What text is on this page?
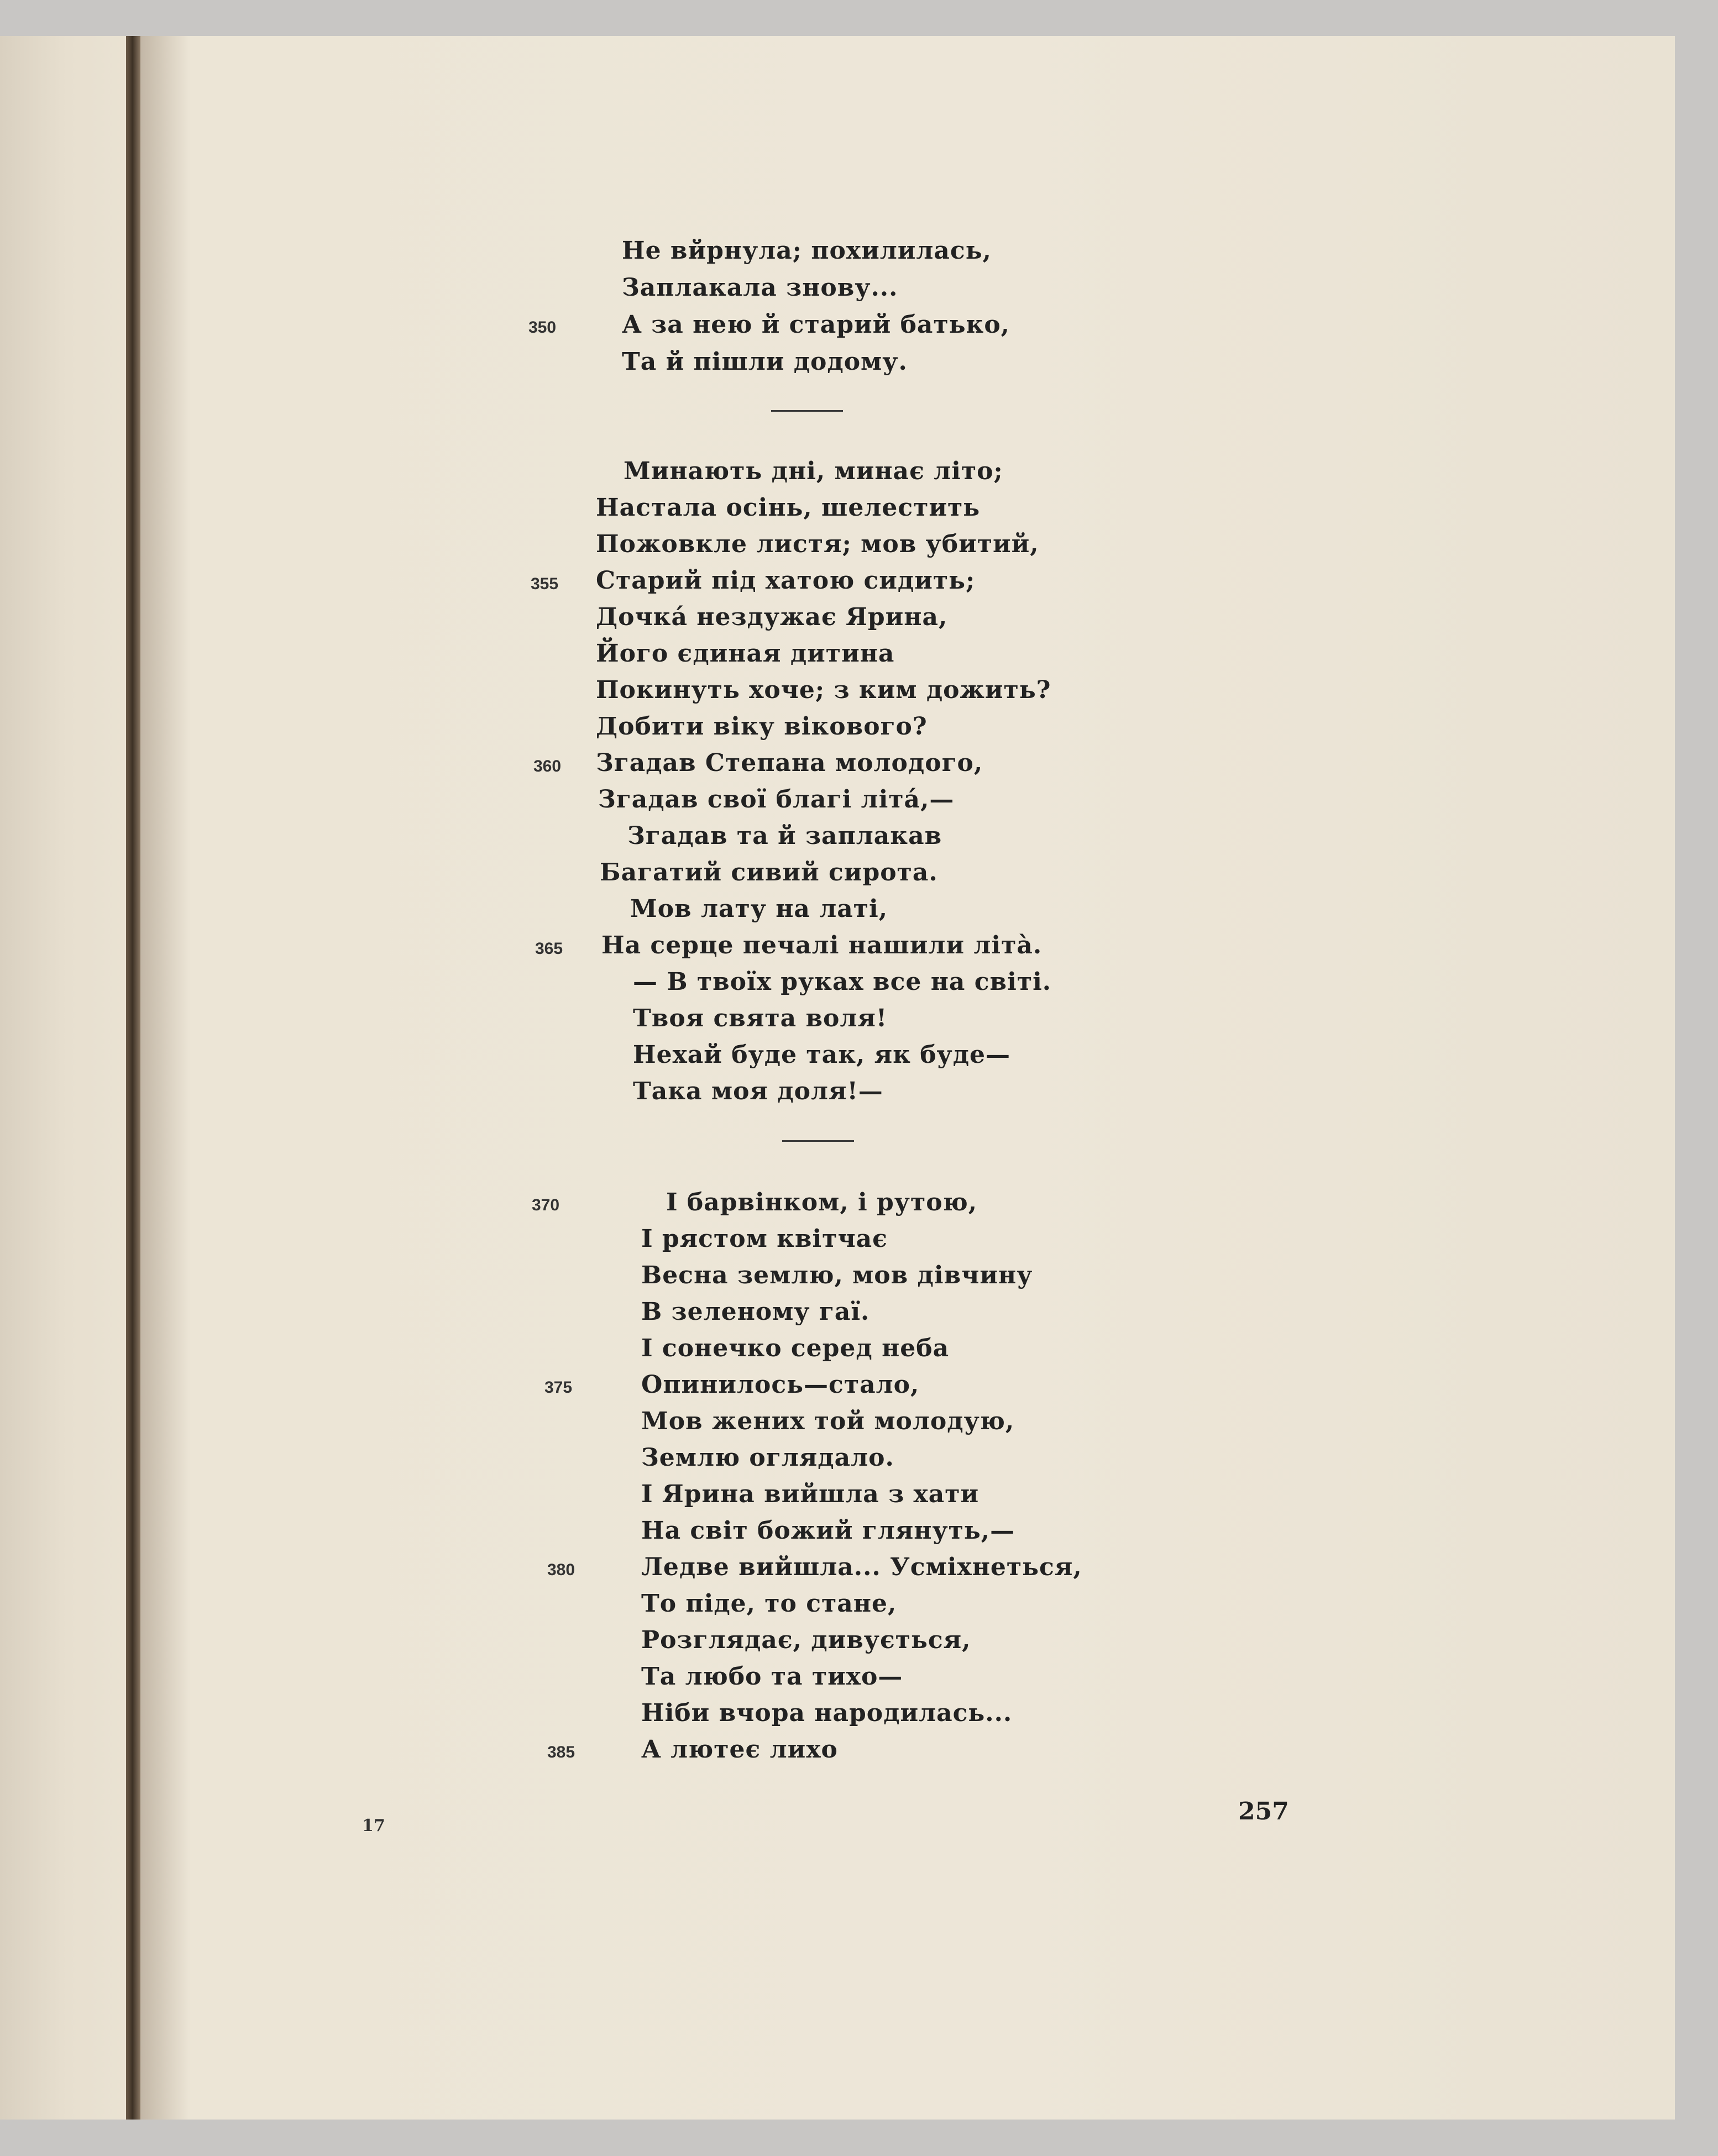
Не вйрнула; похилилась,
Заплакала знову...
350	А за нею й старий батько,
Та й пішли додому.
Минають дні, минає літо;
Настала осінь, шелестить
Пожовкле листя; мов убитий,
355 Старий під хатою сидить;
Дочкá нездужає Ярина,
Його єдиная дитина
Покинуть хоче; з ким дожить?
Добити віку вікового?
360 Згадав Степана молодого,
Згадав свої благі літá,—
Згадав та й заплакав
Багатий сивий сирота.
Мов лату на латі,
365 На серце печалі нашили літà.
— В твоїх руках все на світі.
Твоя свята воля!
Нехай буде так, як буде—
Така моя доля!—
370	І барвінком, і рутою,
І рястом квітчає
Весна землю, мов дівчину
В зеленому гаї.
І сонечко серед неба
375	Опинилось—стало,
Мов жених той молодую,
Землю оглядало.
І Ярина вийшла з хати
На світ божий глянуть,—
380	Ледве вийшла... Усміхнеться,
То піде, то стане,
Розглядає, дивується,
Та любо та тихо—
Ніби вчора народилась...
385	А лютеє лихо
17
257
